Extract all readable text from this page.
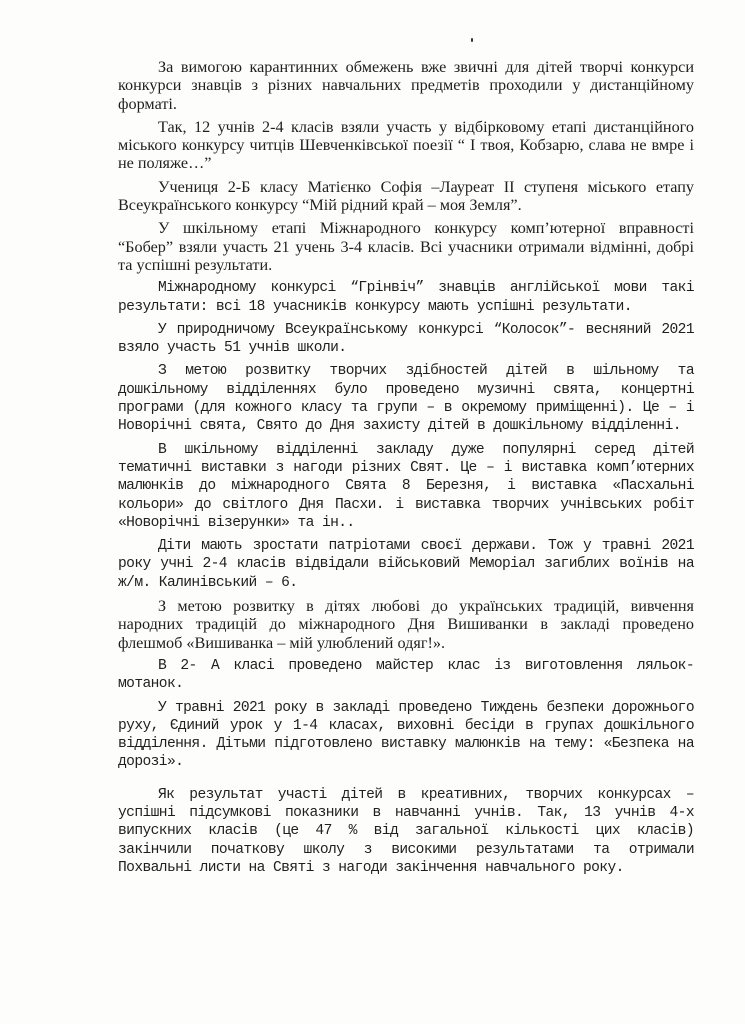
За вимогою карантинних обмежень вже звичні для дітей творчі конкурси конкурси знавців з різних навчальних предметів проходили у дистанційному форматі.

Так, 12 учнів 2-4 класів взяли участь у відбірковому етапі дистанційного міського конкурсу читців Шевченківської поезії “ І твоя, Кобзарю, слава не вмре і не поляже…”

Учениця 2-Б класу Матієнко Софія –Лауреат ІІ ступеня міського етапу Всеукраїнського конкурсу “Мій рідний край – моя Земля”.

У шкільному етапі Міжнародного конкурсу комп’ютерної вправності “Бобер” взяли участь 21 учень 3-4 класів. Всі учасники отримали відмінні, добрі та успішні результати.

Міжнародному конкурсі “Грінвіч” знавців англійської мови такі результати: всі 18 учасників конкурсу мають успішні результати.

У природничому Всеукраїнському конкурсі “Колосок”- весняний 2021 взяло участь 51 учнів школи.

З метою розвитку творчих здібностей дітей в шільному та дошкільному відділеннях було проведено музичні свята, концертні програми (для кожного класу та групи – в окремому приміщенні). Це – і Новорічні свята, Свято до Дня захисту дітей в дошкільному відділенні.

В шкільному відділенні закладу дуже популярні серед дітей тематичні виставки з нагоди різних Свят. Це – і виставка комп’ютерних малюнків до міжнародного Свята 8 Березня, і виставка «Пасхальні кольори» до світлого Дня Пасхи. і виставка творчих учнівських робіт «Новорічні візерунки» та ін..

Діти мають зростати патріотами своєї держави. Тож у травні 2021 року учні 2-4 класів відвідали військовий Меморіал загиблих воїнів на ж/м. Калинівський – 6.

З метою розвитку в дітях любові до українських традицій, вивчення народних традицій до міжнародного Дня Вишиванки в закладі проведено флешмоб «Вишиванка – мій улюблений одяг!».

В 2- А класі проведено майстер клас із виготовлення ляльок-мотанок.

У травні 2021 року в закладі проведено Тиждень безпеки дорожнього руху, Єдиний урок у 1-4 класах, виховні бесіди в групах дошкільного відділення. Дітьми підготовлено виставку малюнків на тему: «Безпека на дорозі».

Як результат участі дітей в креативних, творчих конкурсах – успішні підсумкові показники в навчанні учнів. Так, 13 учнів 4-х випускних класів (це 47 % від загальної кількості цих класів) закінчили початкову школу з високими результатами та отримали Похвальні листи на Святі з нагоди закінчення навчального року.
